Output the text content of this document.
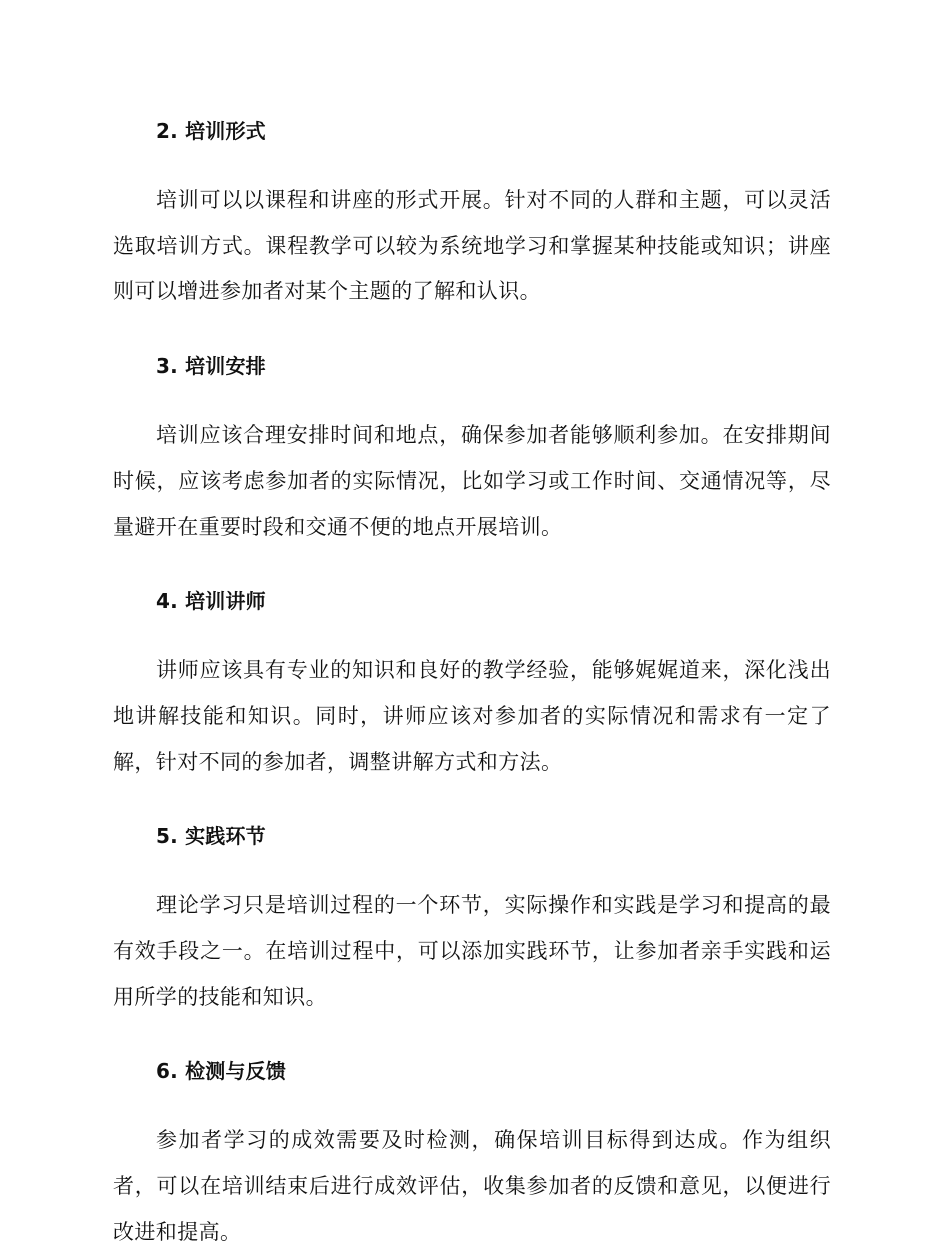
2. 培训形式

培训可以以课程和讲座的形式开展。针对不同的人群和主题，可以灵活选取培训方式。课程教学可以较为系统地学习和掌握某种技能或知识；讲座则可以增进参加者对某个主题的了解和认识。

3. 培训安排

培训应该合理安排时间和地点，确保参加者能够顺利参加。在安排期间时候，应该考虑参加者的实际情况，比如学习或工作时间、交通情况等，尽量避开在重要时段和交通不便的地点开展培训。

4. 培训讲师

讲师应该具有专业的知识和良好的教学经验，能够娓娓道来，深化浅出地讲解技能和知识。同时，讲师应该对参加者的实际情况和需求有一定了解，针对不同的参加者，调整讲解方式和方法。

5. 实践环节

理论学习只是培训过程的一个环节，实际操作和实践是学习和提高的最有效手段之一。在培训过程中，可以添加实践环节，让参加者亲手实践和运用所学的技能和知识。

6. 检测与反馈

参加者学习的成效需要及时检测，确保培训目标得到达成。作为组织者，可以在培训结束后进行成效评估，收集参加者的反馈和意见，以便进行改进和提高。
